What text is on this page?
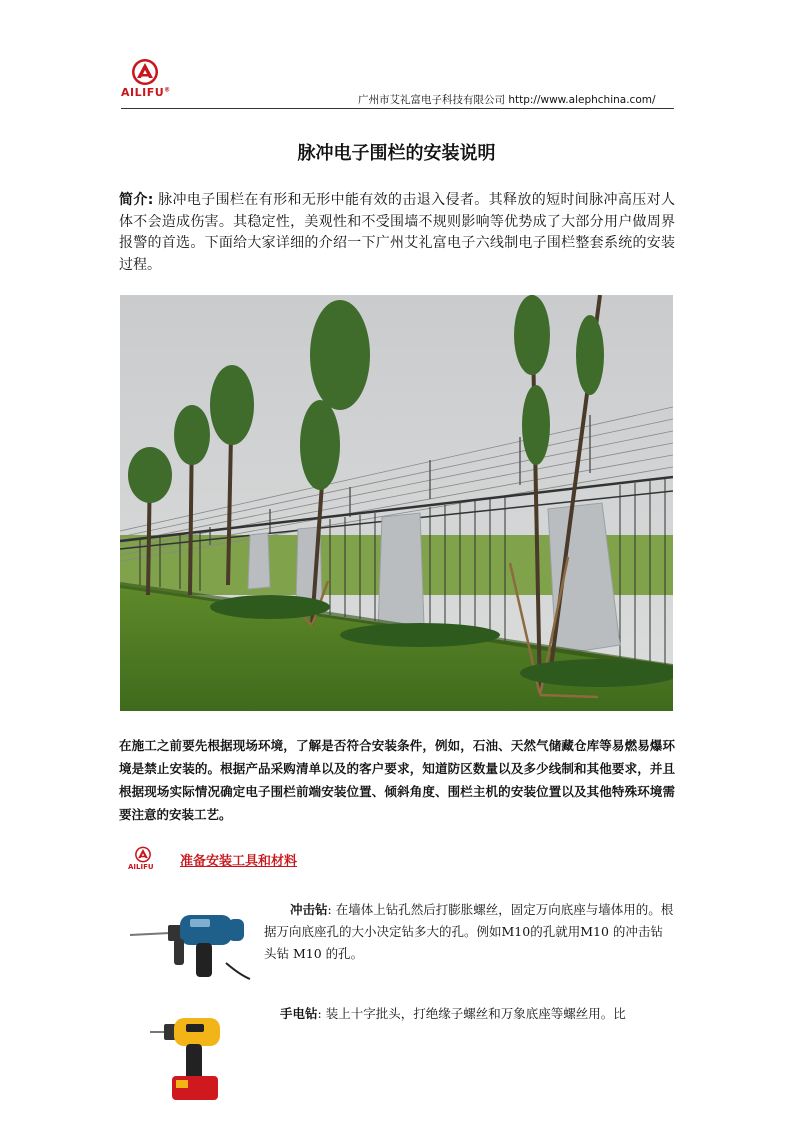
AILIFU®
广州市艾礼富电子科技有限公司 http://www.alephchina.com/
脉冲电子围栏的安装说明
简介: 脉冲电子围栏在有形和无形中能有效的击退入侵者。其释放的短时间脉冲高压对人体不会造成伤害。其稳定性，美观性和不受围墙不规则影响等优势成了大部分用户做周界报警的首选。下面给大家详细的介绍一下广州艾礼富电子六线制电子围栏整套系统的安装过程。
在施工之前要先根据现场环境，了解是否符合安装条件，例如，石油、天然气储藏仓库等易燃易爆环境是禁止安装的。根据产品采购清单以及的客户要求，知道防区数量以及多少线制和其他要求，并且根据现场实际情况确定电子围栏前端安装位置、倾斜角度、围栏主机的安装位置以及其他特殊环境需要注意的安装工艺。
AILIFU 准备安装工具和材料
冲击钻: 在墙体上钻孔然后打膨胀螺丝，固定万向底座与墙体用的。根据万向底座孔的大小决定钻多大的孔。例如M10的孔就用M10 的冲击钻头钻 M10 的孔。
手电钻: 装上十字批头，打绝缘子螺丝和万象底座等螺丝用。比
